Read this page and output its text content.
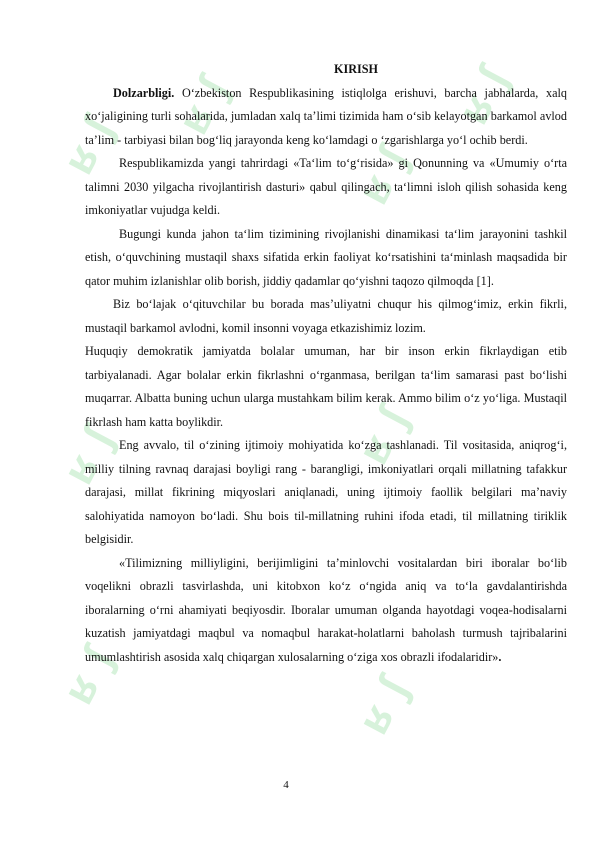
ʁ ʃ
ʁ ʃ
ʁ ʃ
ʁ ʃ
ʁ ʃ	ʁ ʃ
ʁ ʃ	ʁ ʃ

KIRISH

Dolzarbligi. O‘zbekiston Respublikasining istiqlolga erishuvi, barcha jabhalarda, xalq xo‘jaligining turli sohalarida, jumladan xalq ta’limi tizimida ham o‘sib kelayotgan barkamol avlod ta’lim - tarbiyasi bilan bog‘liq jarayonda keng ko‘lamdagi o ‘zgarishlarga yo‘l ochib berdi.

Respublikamizda yangi tahrirdagi «Ta‘lim to‘g‘risida» gi Qonunning va «Umumiy o‘rta talimni 2030 yilgacha rivojlantirish dasturi» qabul qilingach, ta‘limni isloh qilish sohasida keng imkoniyatlar vujudga keldi.

Bugungi kunda jahon ta‘lim tizimining rivojlanishi dinamikasi ta‘lim jarayonini tashkil etish, o‘quvchining mustaqil shaxs sifatida erkin faoliyat ko‘rsatishini ta‘minlash maqsadida bir qator muhim izlanishlar olib borish, jiddiy qadamlar qo‘yishni taqozo qilmoqda [1].

Biz bo‘lajak o‘qituvchilar bu borada mas’uliyatni chuqur his qilmog‘imiz, erkin fikrli, mustaqil barkamol avlodni, komil insonni voyaga etkazishimiz lozim.

Huquqiy demokratik jamiyatda bolalar umuman, har bir inson erkin fikrlaydigan etib tarbiyalanadi. Agar bolalar erkin fikrlashni o‘rganmasa, berilgan ta‘lim samarasi past bo‘lishi muqarrar. Albatta buning uchun ularga mustahkam bilim kerak. Ammo bilim o‘z yo‘liga. Mustaqil fikrlash ham katta boylikdir.

Eng avvalo, til o‘zining ijtimoiy mohiyatida ko‘zga tashlanadi. Til vositasida, aniqrog‘i, milliy tilning ravnaq darajasi boyligi rang - barangligi, imkoniyatlari orqali millatning tafakkur darajasi, millat fikrining miqyoslari aniqlanadi, uning ijtimoiy faollik belgilari ma’naviy salohiyatida namoyon bo‘ladi. Shu bois til-millatning ruhini ifoda etadi, til millatning tiriklik belgisidir.

«Tilimizning milliyligini, berijimligini ta’minlovchi vositalardan biri iboralar bo‘lib voqelikni obrazli tasvirlashda, uni kitobxon ko‘z o‘ngida aniq va to‘la gavdalantirishda iboralarning o‘rni ahamiyati beqiyosdir. Iboralar umuman olganda hayotdagi voqea-hodisalarni kuzatish jamiyatdagi maqbul va nomaqbul harakat-holatlarni baholash turmush tajribalarini umumlashtirish asosida xalq chiqargan xulosalarning o‘ziga xos obrazli ifodalaridir».

4
